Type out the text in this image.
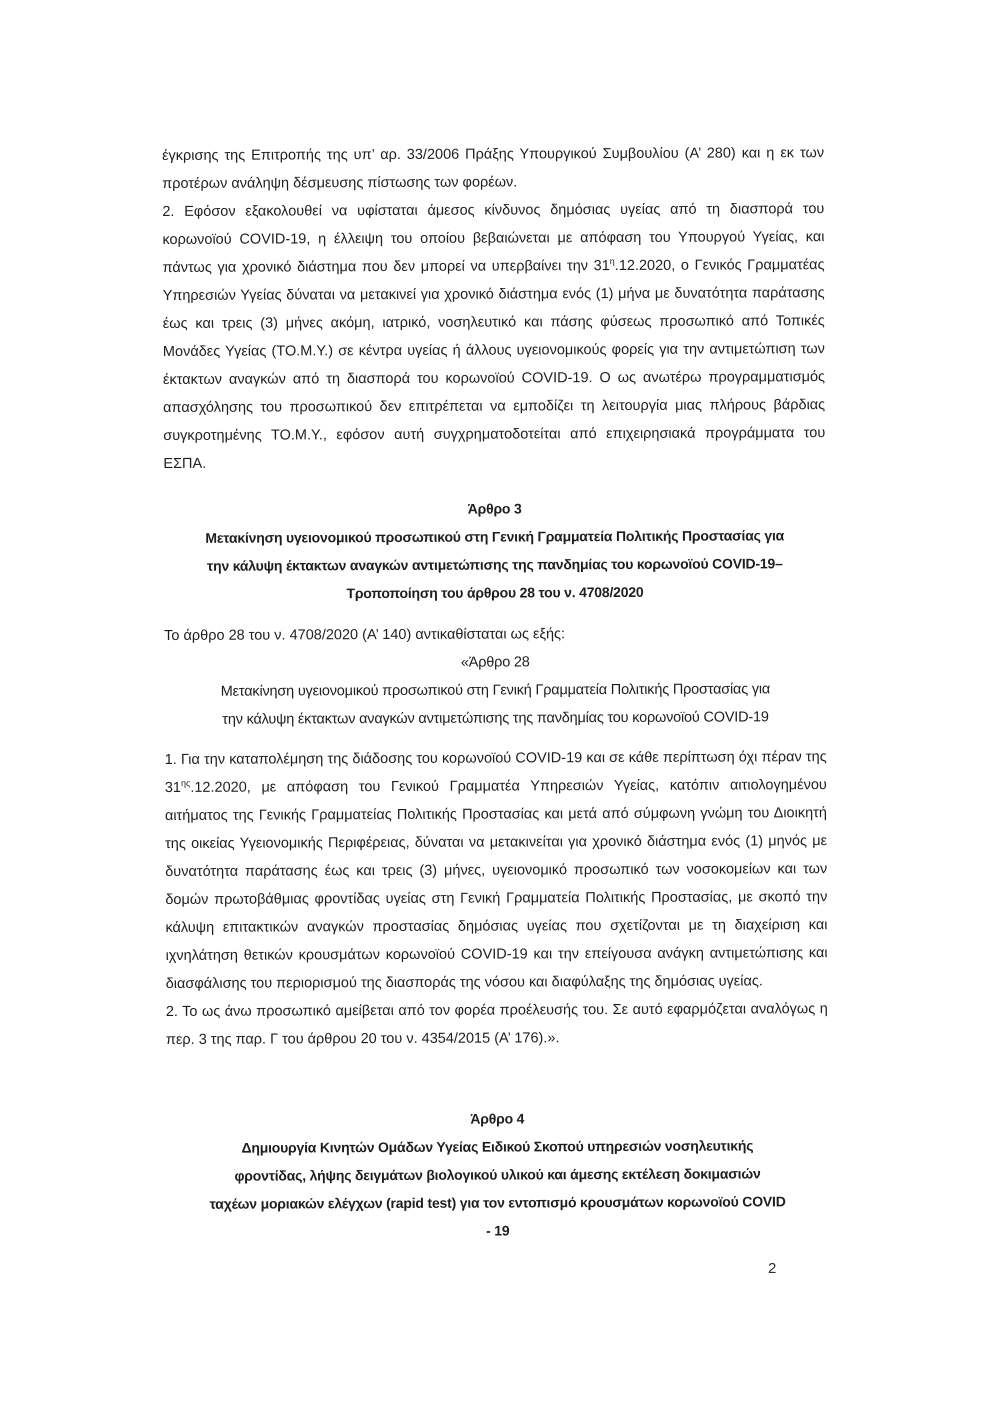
έγκρισης της Επιτροπής της υπ’ αρ. 33/2006 Πράξης Υπουργικού Συμβουλίου (Α’ 280) και η εκ των προτέρων ανάληψη δέσμευσης πίστωσης των φορέων.

2. Εφόσον εξακολουθεί να υφίσταται άμεσος κίνδυνος δημόσιας υγείας από τη διασπορά του κορωνοϊού COVID-19, η έλλειψη του οποίου βεβαιώνεται με απόφαση του Υπουργού Υγείας, και πάντως για χρονικό διάστημα που δεν μπορεί να υπερβαίνει την $31^\eta.12.2020$, ο Γενικός Γραμματέας Υπηρεσιών Υγείας δύναται να μετακινεί για χρονικό διάστημα ενός (1) μήνα με δυνατότητα παράτασης έως και τρεις (3) μήνες ακόμη, ιατρικό, νοσηλευτικό και πάσης φύσεως προσωπικό από Τοπικές Μονάδες Υγείας (ΤΟ.Μ.Υ.) σε κέντρα υγείας ή άλλους υγειονομικούς φορείς για την αντιμετώπιση των έκτακτων αναγκών από τη διασπορά του κορωνοϊού COVID-19. Ο ως ανωτέρω προγραμματισμός απασχόλησης του προσωπικού δεν επιτρέπεται να εμποδίζει τη λειτουργία μιας πλήρους βάρδιας συγκροτημένης ΤΟ.Μ.Υ., εφόσον αυτή συγχρηματοδοτείται από επιχειρησιακά προγράμματα του ΕΣΠΑ.

Άρθρο 3
Μετακίνηση υγειονομικού προσωπικού στη Γενική Γραμματεία Πολιτικής Προστασίας για
την κάλυψη έκτακτων αναγκών αντιμετώπισης της πανδημίας του κορωνοϊού COVID-19–
Τροποποίηση του άρθρου 28 του ν. 4708/2020

Το άρθρο 28 του ν. 4708/2020 (Α’ 140) αντικαθίσταται ως εξής:

«Άρθρο 28
Μετακίνηση υγειονομικού προσωπικού στη Γενική Γραμματεία Πολιτικής Προστασίας για
την κάλυψη έκτακτων αναγκών αντιμετώπισης της πανδημίας του κορωνοϊού COVID-19

1. Για την καταπολέμηση της διάδοσης του κορωνοϊού COVID-19 και σε κάθε περίπτωση όχι πέραν της $31^{\eta\varsigma}.12.2020$, με απόφαση του Γενικού Γραμματέα Υπηρεσιών Υγείας, κατόπιν αιτιολογημένου αιτήματος της Γενικής Γραμματείας Πολιτικής Προστασίας και μετά από σύμφωνη γνώμη του Διοικητή της οικείας Υγειονομικής Περιφέρειας, δύναται να μετακινείται για χρονικό διάστημα ενός (1) μηνός με δυνατότητα παράτασης έως και τρεις (3) μήνες, υγειονομικό προσωπικό των νοσοκομείων και των δομών πρωτοβάθμιας φροντίδας υγείας στη Γενική Γραμματεία Πολιτικής Προστασίας, με σκοπό την κάλυψη επιτακτικών αναγκών προστασίας δημόσιας υγείας που σχετίζονται με τη διαχείριση και ιχνηλάτηση θετικών κρουσμάτων κορωνοϊού COVID-19 και την επείγουσα ανάγκη αντιμετώπισης και διασφάλισης του περιορισμού της διασποράς της νόσου και διαφύλαξης της δημόσιας υγείας.

2. Το ως άνω προσωπικό αμείβεται από τον φορέα προέλευσής του. Σε αυτό εφαρμόζεται αναλόγως η περ. 3 της παρ. Γ του άρθρου 20 του ν. 4354/2015 (Α’ 176).».

Άρθρο 4
Δημιουργία Κινητών Ομάδων Υγείας Ειδικού Σκοπού υπηρεσιών νοσηλευτικής
φροντίδας, λήψης δειγμάτων βιολογικού υλικού και άμεσης εκτέλεση δοκιμασιών
ταχέων μοριακών ελέγχων (rapid test) για τον εντοπισμό κρουσμάτων κορωνοϊού COVID
- 19
2
